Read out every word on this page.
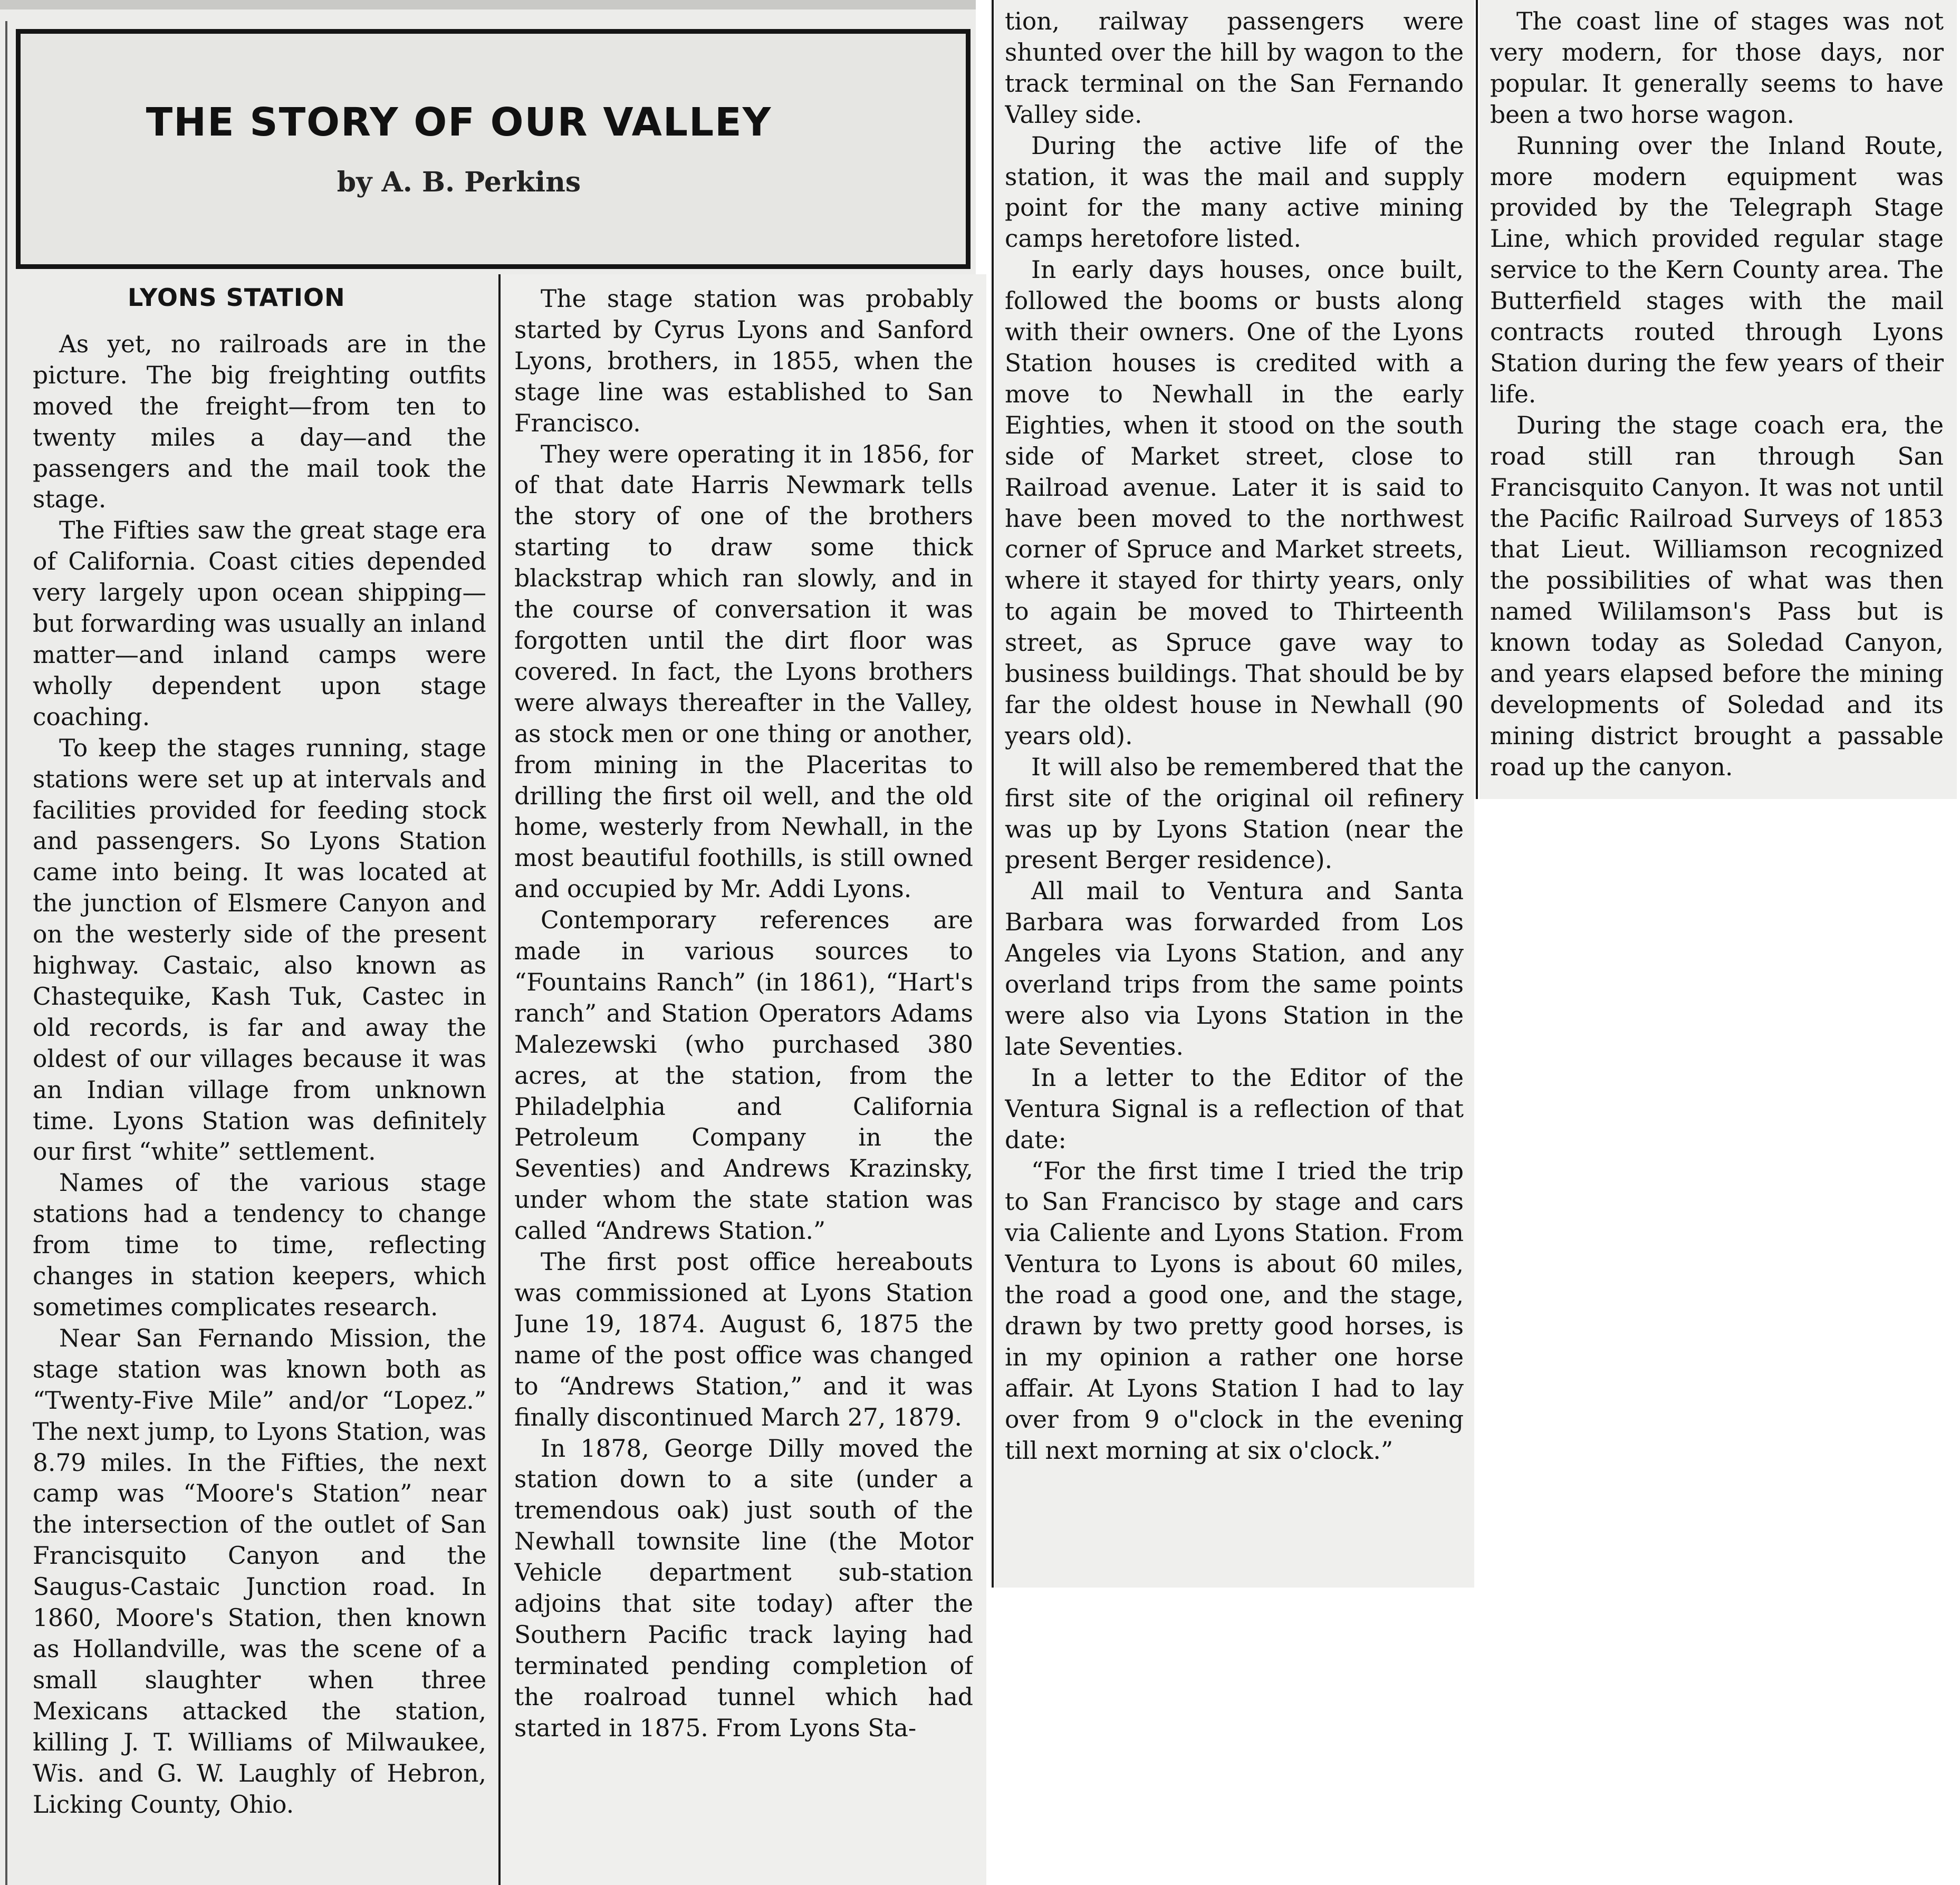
THE STORY OF OUR VALLEY
by A. B. Perkins

LYONS STATION

As yet, no railroads are in the picture. The big freighting outfits moved the freight—from ten to twenty miles a day—and the passengers and the mail took the stage.

The Fifties saw the great stage era of California. Coast cities depended very largely upon ocean shipping—but forwarding was usually an inland matter—and inland camps were wholly dependent upon stage coaching.

To keep the stages running, stage stations were set up at intervals and facilities provided for feeding stock and passengers. So Lyons Station came into being. It was located at the junction of Elsmere Canyon and on the westerly side of the present highway. Castaic, also known as Chastequike, Kash Tuk, Castec in old records, is far and away the oldest of our villages because it was an Indian village from unknown time. Lyons Station was definitely our first “white” settlement.

Names of the various stage stations had a tendency to change from time to time, reflecting changes in station keepers, which sometimes complicates research.

Near San Fernando Mission, the stage station was known both as “Twenty-Five Mile” and/or “Lopez.” The next jump, to Lyons Station, was 8.79 miles. In the Fifties, the next camp was “Moore's Station” near the intersection of the outlet of San Francisquito Canyon and the Saugus-Castaic Junction road. In 1860, Moore's Station, then known as Hollandville, was the scene of a small slaughter when three Mexicans attacked the station, killing J. T. Williams of Milwaukee, Wis. and G. W. Laughly of Hebron, Licking County, Ohio.

The stage station was probably started by Cyrus Lyons and Sanford Lyons, brothers, in 1855, when the stage line was established to San Francisco.

They were operating it in 1856, for of that date Harris Newmark tells the story of one of the brothers starting to draw some thick blackstrap which ran slowly, and in the course of conversation it was forgotten until the dirt floor was covered. In fact, the Lyons brothers were always thereafter in the Valley, as stock men or one thing or another, from mining in the Placeritas to drilling the first oil well, and the old home, westerly from Newhall, in the most beautiful foothills, is still owned and occupied by Mr. Addi Lyons.

Contemporary references are made in various sources to “Fountains Ranch” (in 1861), “Hart's ranch” and Station Operators Adams Malezewski (who purchased 380 acres, at the station, from the Philadelphia and California Petroleum Company in the Seventies) and Andrews Krazinsky, under whom the state station was called “Andrews Station.”

The first post office hereabouts was commissioned at Lyons Station June 19, 1874. August 6, 1875 the name of the post office was changed to “Andrews Station,” and it was finally discontinued March 27, 1879.

In 1878, George Dilly moved the station down to a site (under a tremendous oak) just south of the Newhall townsite line (the Motor Vehicle department sub-station adjoins that site today) after the Southern Pacific track laying had terminated pending completion of the roalroad tunnel which had started in 1875. From Lyons Sta-

tion, railway passengers were shunted over the hill by wagon to the track terminal on the San Fernando Valley side.

During the active life of the station, it was the mail and supply point for the many active mining camps heretofore listed.

In early days houses, once built, followed the booms or busts along with their owners. One of the Lyons Station houses is credited with a move to Newhall in the early Eighties, when it stood on the south side of Market street, close to Railroad avenue. Later it is said to have been moved to the northwest corner of Spruce and Market streets, where it stayed for thirty years, only to again be moved to Thirteenth street, as Spruce gave way to business buildings. That should be by far the oldest house in Newhall (90 years old).

It will also be remembered that the first site of the original oil refinery was up by Lyons Station (near the present Berger residence).

All mail to Ventura and Santa Barbara was forwarded from Los Angeles via Lyons Station, and any overland trips from the same points were also via Lyons Station in the late Seventies.

In a letter to the Editor of the Ventura Signal is a reflection of that date:

“For the first time I tried the trip to San Francisco by stage and cars via Caliente and Lyons Station. From Ventura to Lyons is about 60 miles, the road a good one, and the stage, drawn by two pretty good horses, is in my opinion a rather one horse affair. At Lyons Station I had to lay over from 9 o"clock in the evening till next morning at six o'clock.”

The coast line of stages was not very modern, for those days, nor popular. It generally seems to have been a two horse wagon.

Running over the Inland Route, more modern equipment was provided by the Telegraph Stage Line, which provided regular stage service to the Kern County area. The Butterfield stages with the mail contracts routed through Lyons Station during the few years of their life.

During the stage coach era, the road still ran through San Francisquito Canyon. It was not until the Pacific Railroad Surveys of 1853 that Lieut. Williamson recognized the possibilities of what was then named Wililamson's Pass but is known today as Soledad Canyon, and years elapsed before the mining developments of Soledad and its mining district brought a passable road up the canyon.
